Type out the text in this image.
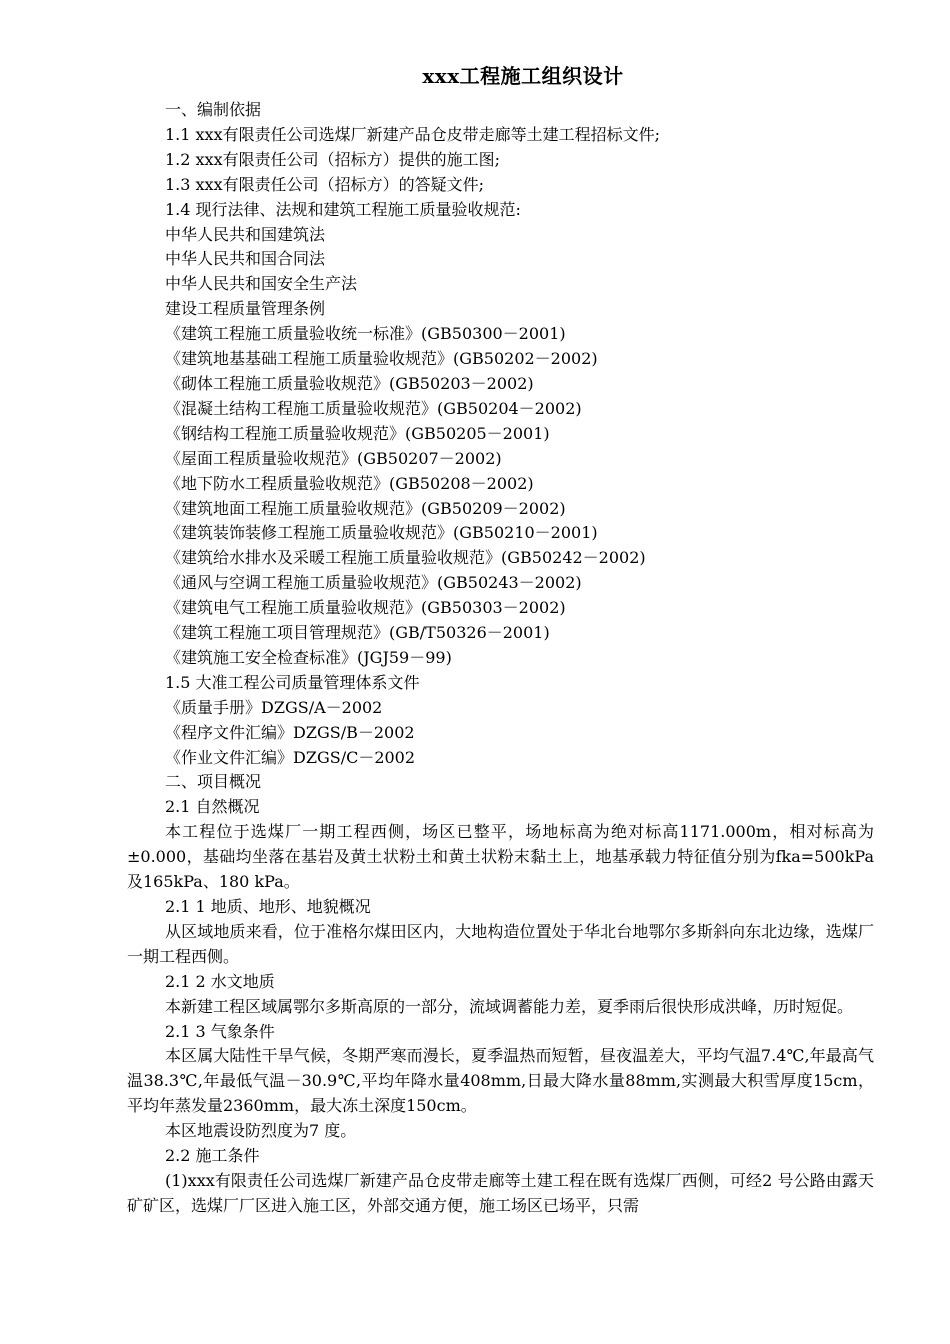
xxx工程施工组织设计

一、编制依据

1.1 xxx有限责任公司选煤厂新建产品仓皮带走廊等土建工程招标文件;

1.2 xxx有限责任公司（招标方）提供的施工图;

1.3 xxx有限责任公司（招标方）的答疑文件;

1.4 现行法律、法规和建筑工程施工质量验收规范:

中华人民共和国建筑法

中华人民共和国合同法

中华人民共和国安全生产法

建设工程质量管理条例

《建筑工程施工质量验收统一标准》(GB50300－2001)

《建筑地基基础工程施工质量验收规范》(GB50202－2002)

《砌体工程施工质量验收规范》(GB50203－2002)

《混凝土结构工程施工质量验收规范》(GB50204－2002)

《钢结构工程施工质量验收规范》(GB50205－2001)

《屋面工程质量验收规范》(GB50207－2002)

《地下防水工程质量验收规范》(GB50208－2002)

《建筑地面工程施工质量验收规范》(GB50209－2002)

《建筑装饰装修工程施工质量验收规范》(GB50210－2001)

《建筑给水排水及采暖工程施工质量验收规范》(GB50242－2002)

《通风与空调工程施工质量验收规范》(GB50243－2002)

《建筑电气工程施工质量验收规范》(GB50303－2002)

《建筑工程施工项目管理规范》(GB/T50326－2001)

《建筑施工安全检查标准》(JGJ59－99)

1.5 大准工程公司质量管理体系文件

《质量手册》DZGS/A－2002

《程序文件汇编》DZGS/B－2002

《作业文件汇编》DZGS/C－2002

二、项目概况

2.1 自然概况

本工程位于选煤厂一期工程西侧，场区已整平，场地标高为绝对标高1171.000m，相对标高为±0.000，基础均坐落在基岩及黄土状粉土和黄土状粉末黏土上，地基承载力特征值分别为fka=500kPa 及165kPa、180 kPa。

2.1 1 地质、地形、地貌概况

从区域地质来看，位于准格尔煤田区内，大地构造位置处于华北台地鄂尔多斯斜向东北边缘，选煤厂一期工程西侧。

2.1 2 水文地质

本新建工程区域属鄂尔多斯高原的一部分，流域调蓄能力差，夏季雨后很快形成洪峰，历时短促。

2.1 3 气象条件

本区属大陆性干旱气候，冬期严寒而漫长，夏季温热而短暂，昼夜温差大，平均气温7.4℃,年最高气温38.3℃,年最低气温－30.9℃,平均年降水量408mm,日最大降水量88mm,实测最大积雪厚度15cm，平均年蒸发量2360mm，最大冻土深度150cm。

本区地震设防烈度为7 度。

2.2 施工条件

(1)xxx有限责任公司选煤厂新建产品仓皮带走廊等土建工程在既有选煤厂西侧，可经2 号公路由露天矿矿区，选煤厂厂区进入施工区，外部交通方便，施工场区已场平，只需
